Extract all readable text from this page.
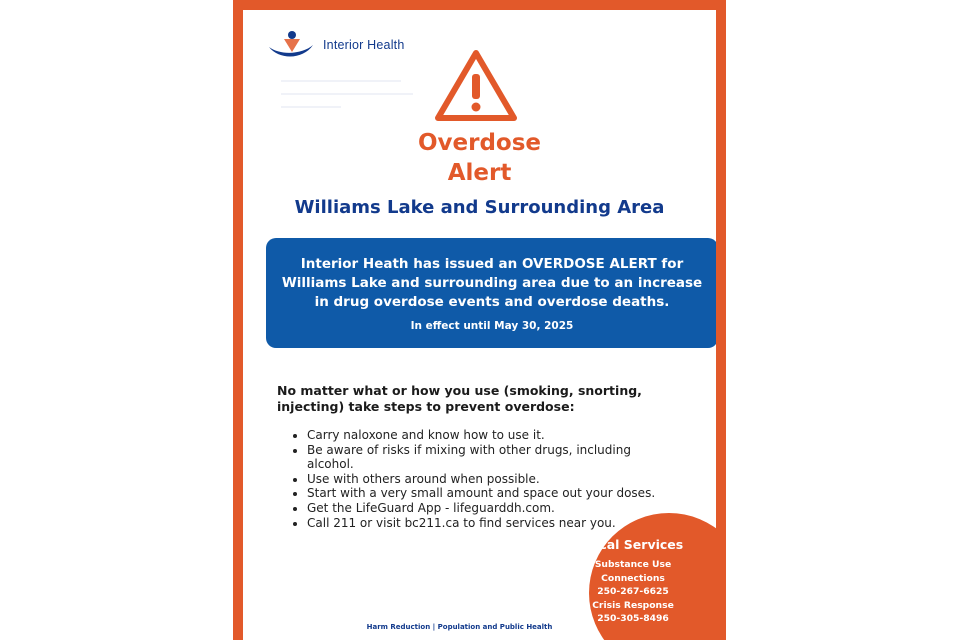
Interior Health
Overdose
Alert
Williams Lake and Surrounding Area
Interior Heath has issued an OVERDOSE ALERT for Williams Lake and surrounding area due to an increase in drug overdose events and overdose deaths.
In effect until May 30, 2025
No matter what or how you use (smoking, snorting, injecting) take steps to prevent overdose:
• Carry naloxone and know how to use it.
• Be aware of risks if mixing with other drugs, including alcohol.
• Use with others around when possible.
• Start with a very small amount and space out your doses.
• Get the LifeGuard App - lifeguarddh.com.
• Call 211 or visit bc211.ca to find services near you.
Local Services
Substance Use
Connections
250-267-6625
Crisis Response
250-305-8496
Harm Reduction | Population and Public Health
